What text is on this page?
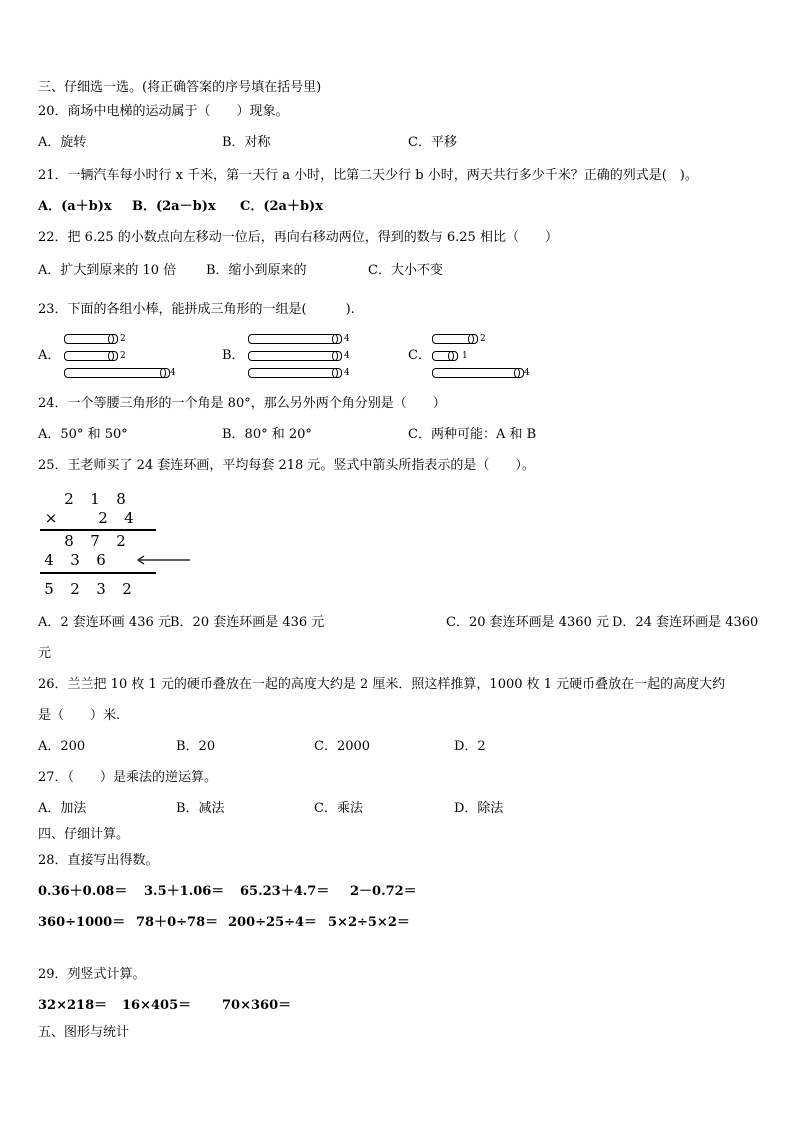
三、仔细选一选。(将正确答案的序号填在括号里)
20．商场中电梯的运动属于（　　）现象。
A．旋转	B．对称	C．平移
21．一辆汽车每小时行 x 千米，第一天行 a 小时，比第二天少行 b 小时，两天共行多少千米？正确的列式是(　)。
A．(a＋b)x B．(2a－b)x C．(2a＋b)x
22．把 6.25 的小数点向左移动一位后，再向右移动两位，得到的数与 6.25 相比（　　）
A．扩大到原来的 10 倍 B．缩小到原来的	C．大小不变
23．下面的各组小棒，能拼成三角形的一组是(　　　).
A．
2
2
4
B．
4
4
4
C．
2
1
4
24．一个等腰三角形的一个角是 80°，那么另外两个角分别是（　　）
A．50° 和 50°	B．80° 和 20°	C．两种可能：A 和 B
25．王老师买了 24 套连环画，平均每套 218 元。竖式中箭头所指表示的是（　　）。
2 1 8
×	2 4
8 7 2
4 3 6
5 2 3 2
A．2 套连环画 436 元 B．20 套连环画是 436 元	C．20 套连环画是 4360 元 D．24 套连环画是 4360
元
26．兰兰把 10 枚 1 元的硬币叠放在一起的高度大约是 2 厘米．照这样推算，1000 枚 1 元硬币叠放在一起的高度大约
是（　　）米.
A．200	B．20	C．2000	D．2
27．（　　）是乘法的逆运算。
A．加法	B．减法	C．乘法	D．除法
四、仔细计算。
28．直接写出得数。
0.36＋0.08＝ 3.5＋1.06＝ 65.23＋4.7＝ 2－0.72＝
360÷1000＝ 78＋0÷78＝ 200÷25÷4＝ 5×2÷5×2＝
29．列竖式计算。
32×218＝ 16×405＝ 70×360＝
五、图形与统计
